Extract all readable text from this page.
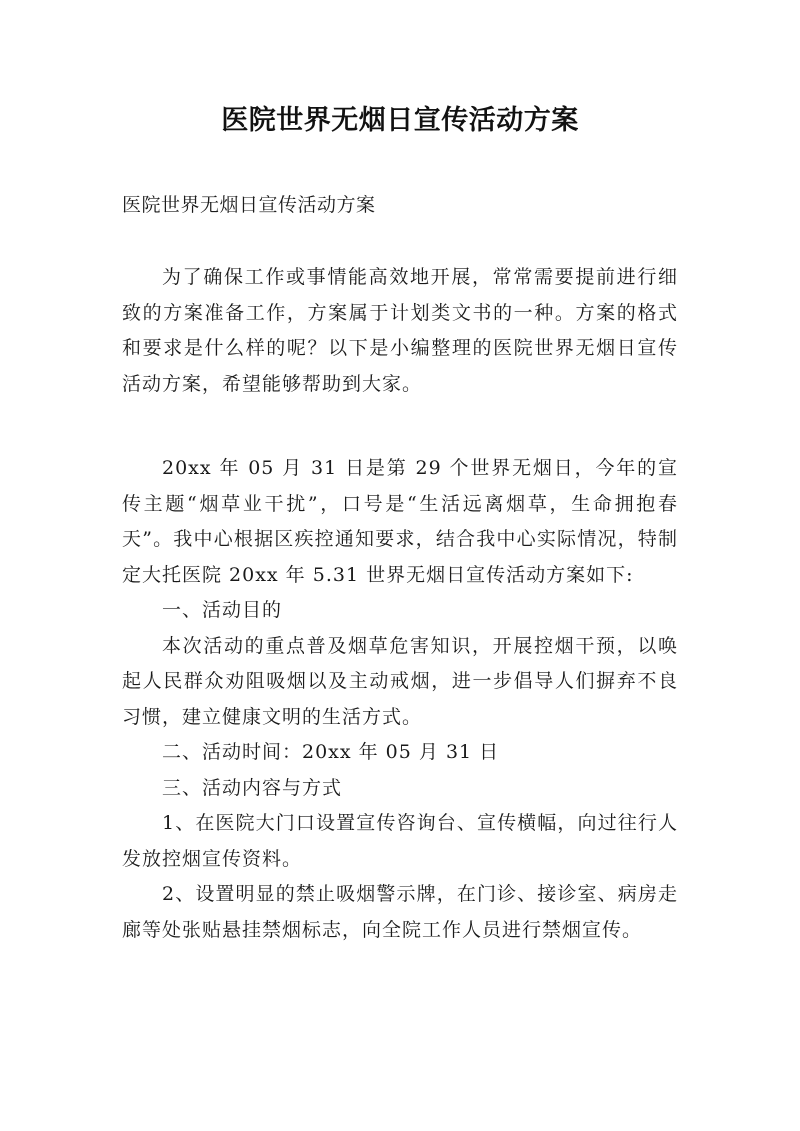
医院世界无烟日宣传活动方案
医院世界无烟日宣传活动方案

为了确保工作或事情能高效地开展，常常需要提前进行细致的方案准备工作，方案属于计划类文书的一种。方案的格式和要求是什么样的呢？以下是小编整理的医院世界无烟日宣传活动方案，希望能够帮助到大家。

20xx 年 05 月 31 日是第 29 个世界无烟日，今年的宣传主题“烟草业干扰”，口号是“生活远离烟草，生命拥抱春天”。我中心根据区疾控通知要求，结合我中心实际情况，特制定大托医院 20xx 年 5.31 世界无烟日宣传活动方案如下:

一、活动目的

本次活动的重点普及烟草危害知识，开展控烟干预，以唤起人民群众劝阻吸烟以及主动戒烟，进一步倡导人们摒弃不良习惯，建立健康文明的生活方式。

二、活动时间：20xx 年 05 月 31 日

三、活动内容与方式

1、在医院大门口设置宣传咨询台、宣传横幅，向过往行人发放控烟宣传资料。

2、设置明显的禁止吸烟警示牌，在门诊、接诊室、病房走廊等处张贴悬挂禁烟标志，向全院工作人员进行禁烟宣传。
